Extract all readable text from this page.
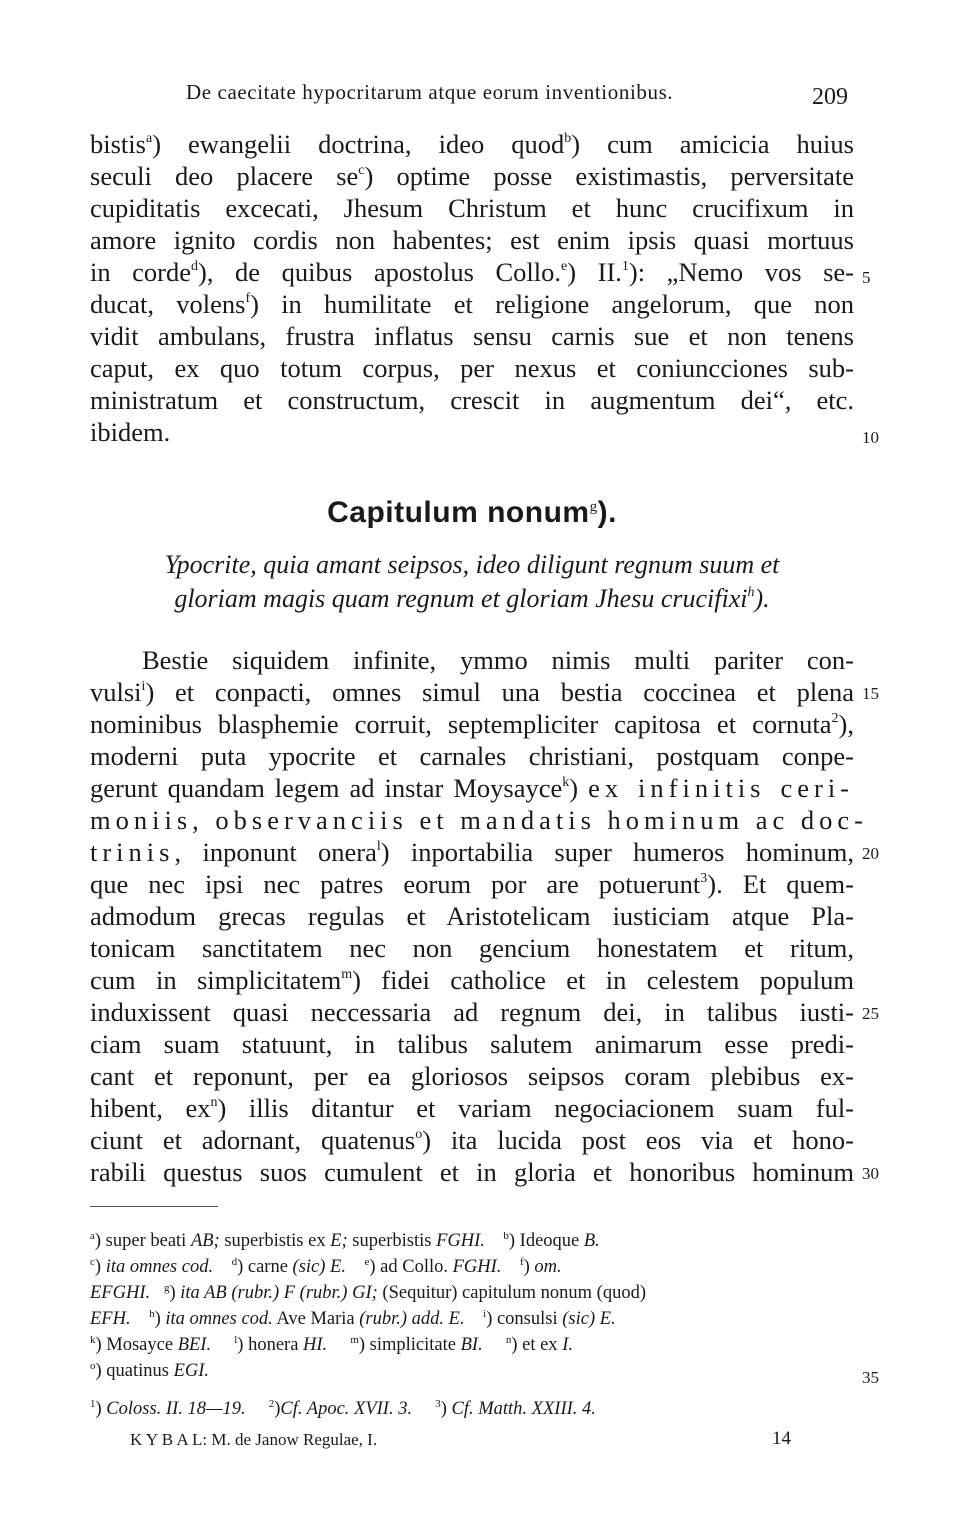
De caecitate hypocritarum atque eorum inventionibus.	209
bistis$^a$) ewangelii doctrina, ideo quod$^b$) cum amicicia huius
seculi deo placere $se^c$) optime posse existimastis, perversitate
cupiditatis excecati, Jhesum Christum et hunc crucifixum in
amore ignito cordis non habentes; est enim ipsis quasi mortuus
in corde$^d$), de quibus apostolus Collo.$^e$) II.$^1$): „Nemo vos se-
ducat, volens$^f$) in humilitate et religione angelorum, que non
vidit ambulans, frustra inflatus sensu carnis sue et non tenens
caput, ex quo totum corpus, per nexus et coniuncciones sub-
ministratum et constructum, crescit in augmentum dei“, etc.
ibidem.
Capitulum nonum$^g$).
Ypocrite, quia amant seipsos, ideo diligunt regnum suum et
gloriam magis quam regnum et gloriam Jhesu crucifixi$^h$).
Bestie siquidem infinite, ymmo nimis multi pariter con-
vulsi$^i$) et conpacti, omnes simul una bestia coccinea et plena
nominibus blasphemie corruit, septempliciter capitosa et cornuta$^2$),
moderni puta ypocrite et carnales christiani, postquam conpe-
gerunt quandam legem ad instar Moysayce$^k$) ex infinitis ceri-
moniis, observanciis et mandatis hominum ac doc-
trinis, inponunt onera$^l$) inportabilia super humeros hominum,
que nec ipsi nec patres eorum por are potuerunt$^3$). Et quem-
admodum grecas regulas et Aristotelicam iusticiam atque Pla-
tonicam sanctitatem nec non gencium honestatem et ritum,
cum in simplicitatem$^m$) fidei catholice et in celestem populum
induxissent quasi neccessaria ad regnum dei, in talibus iusti-
ciam suam statuunt, in talibus salutem animarum esse predi-
cant et reponunt, per ea gloriosos seipsos coram plebibus ex-
hibent, $ex^n$) illis ditantur et variam negociacionem suam ful-
ciunt et adornant, quatenus$^o$) ita lucida post eos via et hono-
rabili questus suos cumulent et in gloria et honoribus hominum
5
10
15
20
25
30
35
$^a$) super beati AB; superbistis ex E; superbistis FGHI. $^b$) Ideoque B.
$^c$) ita omnes cod. $^d$) carne (sic) E. $^e$) ad Collo. FGHI. $^f$) om.
EFGHI. $^g$) ita AB (rubr.) F (rubr.) GI; (Sequitur) capitulum nonum (quod)
EFH. $^h$) ita omnes cod. Ave Maria (rubr.) add. E. $^i$) consulsi (sic) E.
$^k$) Mosayce BEI. $^l$) honera HI. $^m$) simplicitate BI. $^n$) et ex I.
$^o$) quatinus EGI.
$^1$) Coloss. II. 18—19. $^2$)Cf. Apoc. XVII. 3. $^3$) Cf. Matth. XXIII. 4.
K Y B A L: M. de Janow Regulae, I.	14
